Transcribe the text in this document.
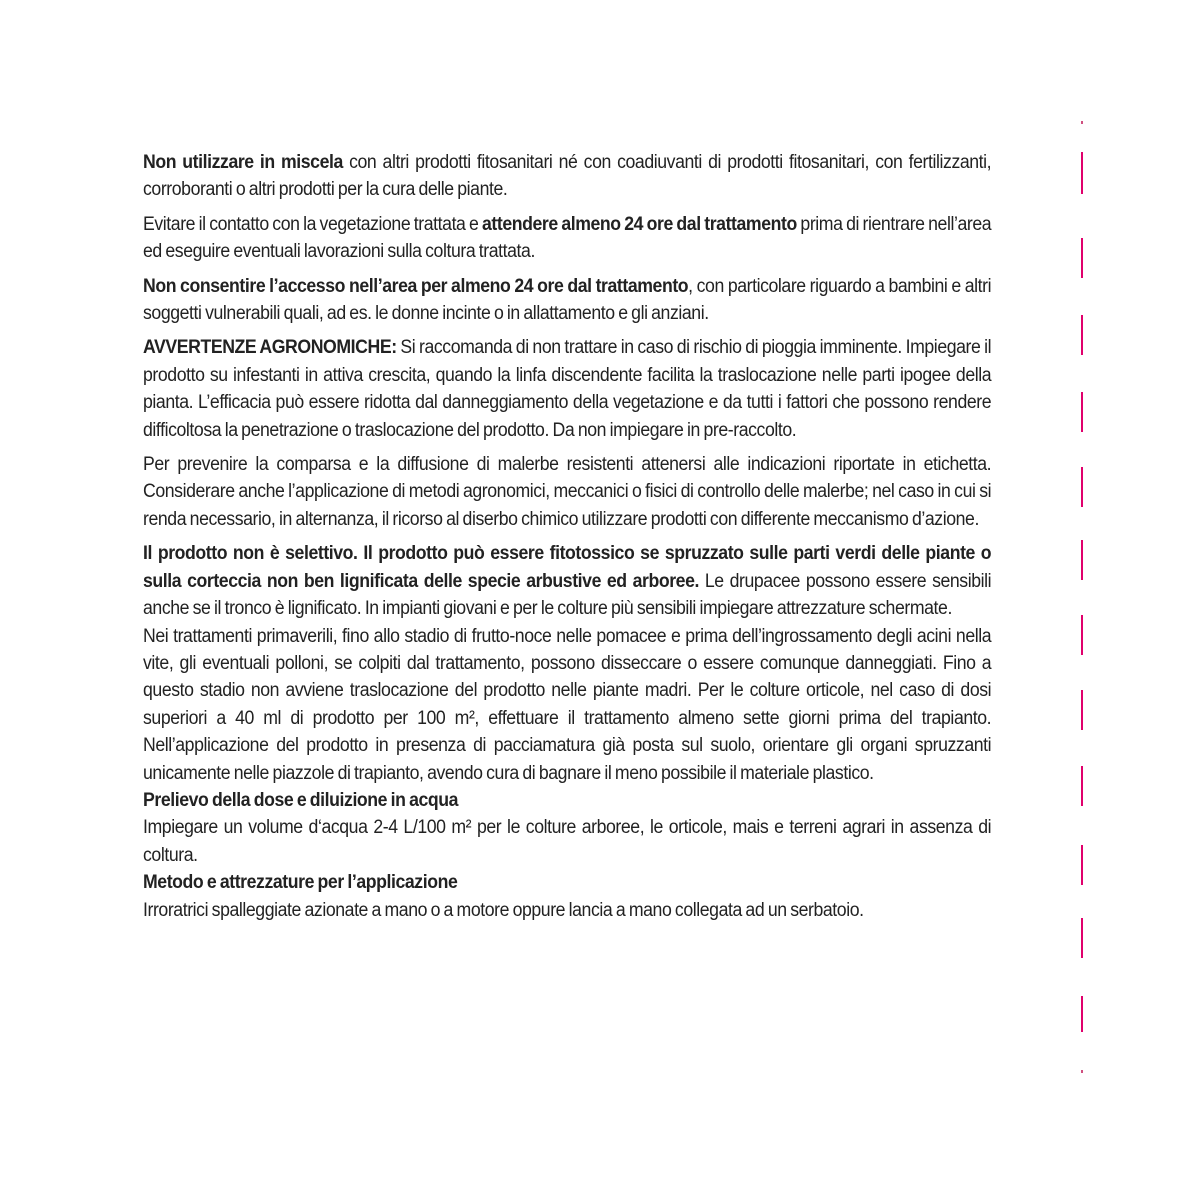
Non utilizzare in miscela con altri prodotti fitosanitari né con coadiuvanti di prodotti fitosanitari, con fertilizzanti, corroboranti o altri prodotti per la cura delle piante.

Evitare il contatto con la vegetazione trattata e attendere almeno 24 ore dal trattamento prima di rientrare nell’area ed eseguire eventuali lavorazioni sulla coltura trattata.

Non consentire l’accesso nell’area per almeno 24 ore dal trattamento, con particolare riguardo a bambini e altri soggetti vulnerabili quali, ad es. le donne incinte o in allattamento e gli anziani.

AVVERTENZE AGRONOMICHE: Si raccomanda di non trattare in caso di rischio di pioggia imminente. Impiegare il prodotto su infestanti in attiva crescita, quando la linfa discendente facilita la traslocazione nelle parti ipogee della pianta. L’efficacia può essere ridotta dal danneggiamento della vegetazione e da tutti i fattori che possono rendere difficoltosa la penetrazione o traslocazione del prodotto. Da non impiegare in pre-raccolto.

Per prevenire la comparsa e la diffusione di malerbe resistenti attenersi alle indicazioni riportate in etichetta. Considerare anche l’applicazione di metodi agronomici, meccanici o fisici di controllo delle malerbe; nel caso in cui si renda necessario, in alternanza, il ricorso al diserbo chimico utilizzare prodotti con differente meccanismo d’azione.

Il prodotto non è selettivo. Il prodotto può essere fitotossico se spruzzato sulle parti verdi delle piante o sulla corteccia non ben lignificata delle specie arbustive ed arboree. Le drupacee possono essere sensibili anche se il tronco è lignificato. In impianti giovani e per le colture più sensibili impiegare attrezzature schermate.

Nei trattamenti primaverili, fino allo stadio di frutto-noce nelle pomacee e prima dell’ingrossamento degli acini nella vite, gli eventuali polloni, se colpiti dal trattamento, possono disseccare o essere comunque danneggiati. Fino a questo stadio non avviene traslocazione del prodotto nelle piante madri. Per le colture orticole, nel caso di dosi superiori a 40 ml di prodotto per 100 m², effettuare il trattamento almeno sette giorni prima del trapianto. Nell’applicazione del prodotto in presenza di pacciamatura già posta sul suolo, orientare gli organi spruzzanti unicamente nelle piazzole di trapianto, avendo cura di bagnare il meno possibile il materiale plastico.

Prelievo della dose e diluizione in acqua

Impiegare un volume d‘acqua 2-4 L/100 m² per le colture arboree, le orticole, mais e terreni agrari in assenza di coltura.

Metodo e attrezzature per l’applicazione

Irroratrici spalleggiate azionate a mano o a motore oppure lancia a mano collegata ad un serbatoio.
